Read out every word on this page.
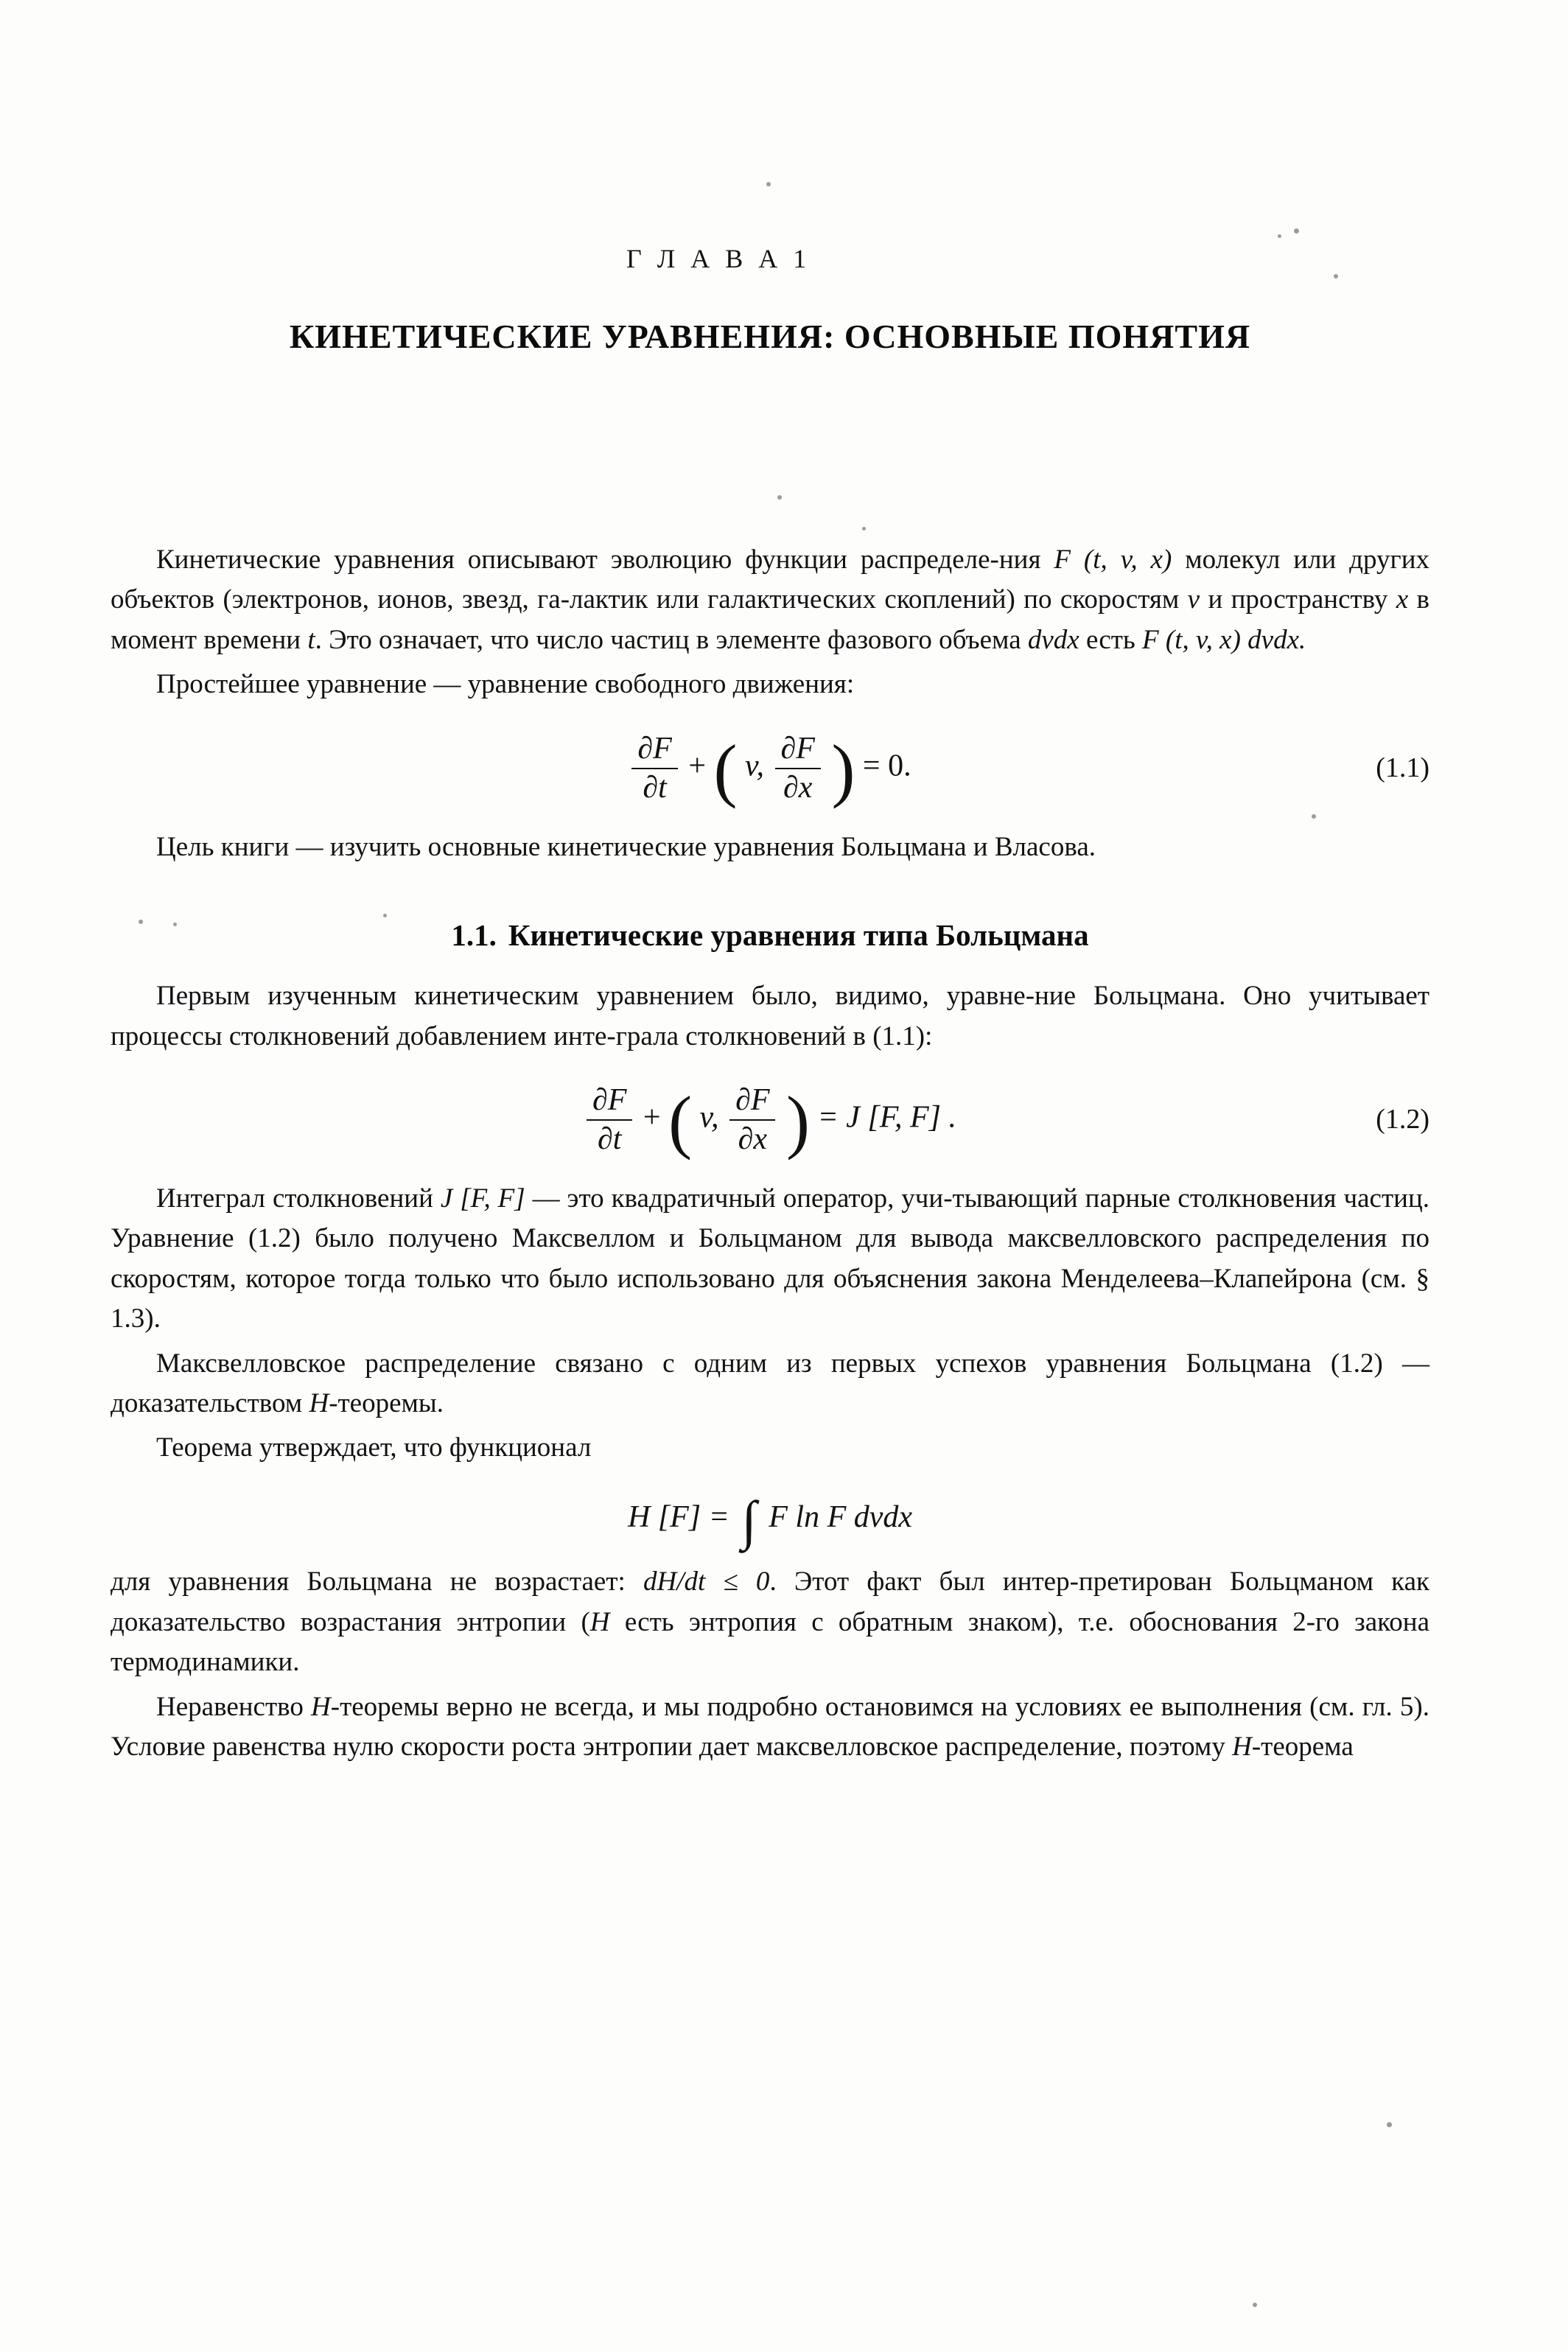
Г Л А В А 1
КИНЕТИЧЕСКИЕ УРАВНЕНИЯ: ОСНОВНЫЕ ПОНЯТИЯ

Кинетические уравнения описывают эволюцию функции распределе-ния F (t, v, x) молекул или других объектов (электронов, ионов, звезд, га-лактик или галактических скоплений) по скоростям v и пространству x в момент времени t. Это означает, что число частиц в элементе фазового объема dvdx есть F (t, v, x) dvdx.

Простейшее уравнение — уравнение свободного движения:

$\frac{\partial F}{\partial t}$ + ( v, $\frac{\partial F}{\partial x}$ ) = 0.	(1.1)

Цель книги — изучить основные кинетические уравнения Больцмана и Власова.

1.1. Кинетические уравнения типа Больцмана

Первым изученным кинетическим уравнением было, видимо, уравне-ние Больцмана. Оно учитывает процессы столкновений добавлением инте-грала столкновений в (1.1):

$\frac{\partial F}{\partial t}$ + ( v, $\frac{\partial F}{\partial x}$ ) = J [F, F] .	(1.2)

Интеграл столкновений J [F, F] — это квадратичный оператор, учи-тывающий парные столкновения частиц. Уравнение (1.2) было получено Максвеллом и Больцманом для вывода максвелловского распределения по скоростям, которое тогда только что было использовано для объяснения закона Менделеева–Клапейрона (см. § 1.3).

Максвелловское распределение связано с одним из первых успехов уравнения Больцмана (1.2) — доказательством H-теоремы.

Теорема утверждает, что функционал

H [F] = ∫ F ln F dvdx

для уравнения Больцмана не возрастает: dH/dt ≤ 0. Этот факт был интер-претирован Больцманом как доказательство возрастания энтропии (H есть энтропия с обратным знаком), т.е. обоснования 2-го закона термодинамики.

Неравенство H-теоремы верно не всегда, и мы подробно остановимся на условиях ее выполнения (см. гл. 5). Условие равенства нулю скорости роста энтропии дает максвелловское распределение, поэтому H-теорема
